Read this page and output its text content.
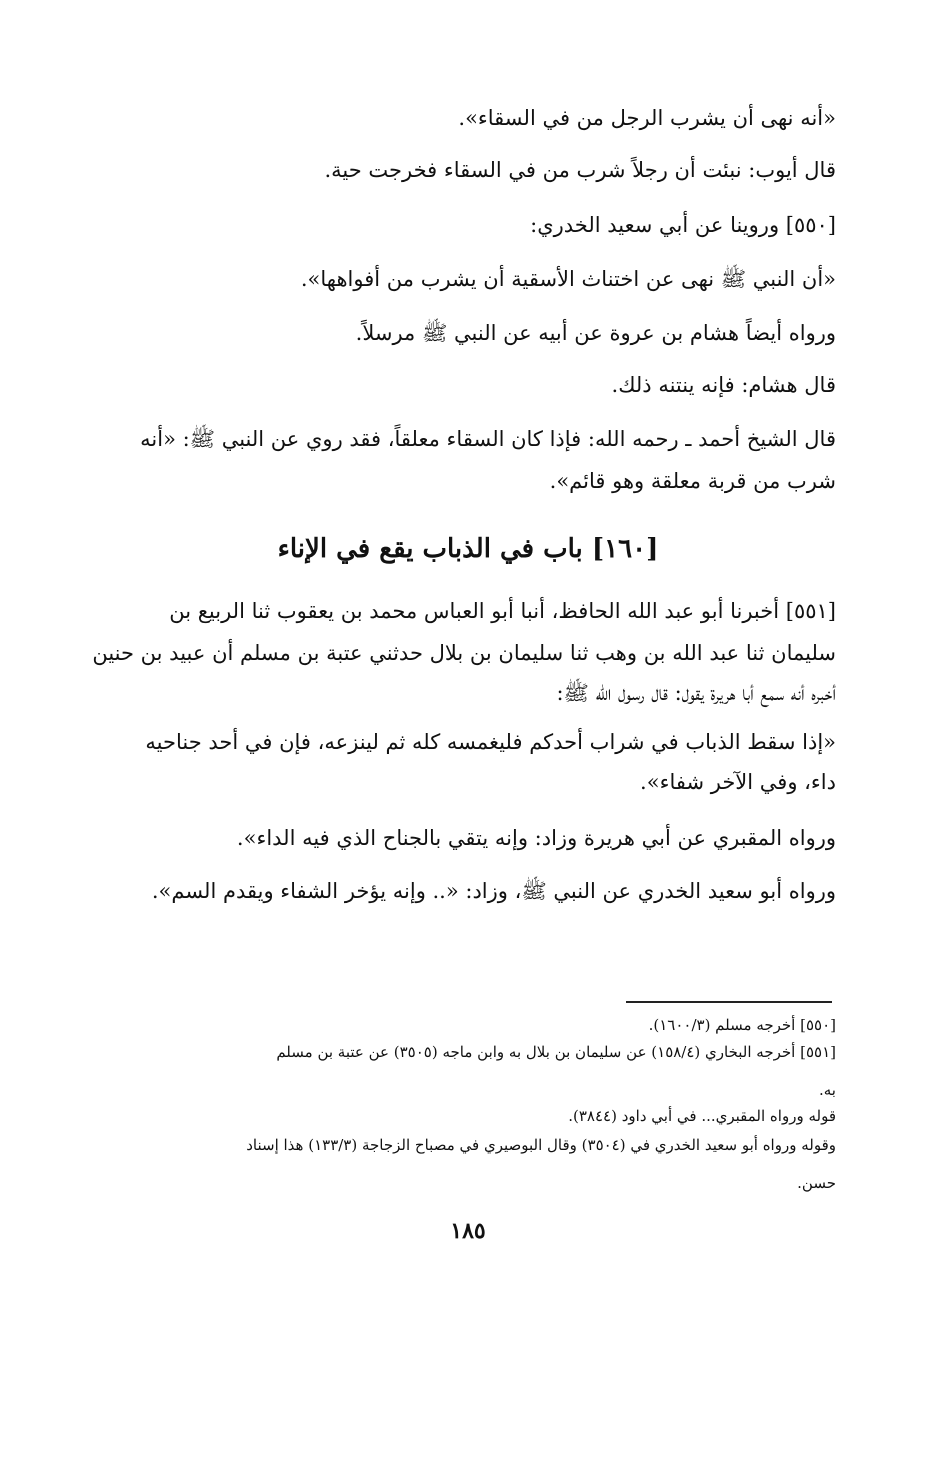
«أنه نهى أن يشرب الرجل من في السقاء».
قال أيوب: نبئت أن رجلاً شرب من في السقاء فخرجت حية.
[٥٥٠] وروينا عن أبي سعيد الخدري:
«أن النبي ﷺ نهى عن اختناث الأسقية أن يشرب من أفواهها».
ورواه أيضاً هشام بن عروة عن أبيه عن النبي ﷺ مرسلاً.
قال هشام: فإنه ينتنه ذلك.
قال الشيخ أحمد ـ رحمه الله: فإذا كان السقاء معلقاً، فقد روي عن النبي ﷺ: «أنه
شرب من قربة معلقة وهو قائم».
[١٦٠] باب في الذباب يقع في الإناء
[٥٥١] أخبرنا أبو عبد الله الحافظ، أنبا أبو العباس محمد بن يعقوب ثنا الربيع بن
سليمان ثنا عبد الله بن وهب ثنا سليمان بن بلال حدثني عتبة بن مسلم أن عبيد بن حنين
أخبره أنه سمع أبا هريرة يقول: قال رسول الله ﷺ:
«إذا سقط الذباب في شراب أحدكم فليغمسه كله ثم لينزعه، فإن في أحد جناحيه
داء، وفي الآخر شفاء».
ورواه المقبري عن أبي هريرة وزاد: وإنه يتقي بالجناح الذي فيه الداء».
ورواه أبو سعيد الخدري عن النبي ﷺ، وزاد: «.. وإنه يؤخر الشفاء ويقدم السم».
[٥٥٠] أخرجه مسلم (١٦٠٠/٣).
[٥٥١] أخرجه البخاري (١٥٨/٤) عن سليمان بن بلال به وابن ماجه (٣٥٠٥) عن عتبة بن مسلم
به.
قوله ورواه المقبري... في أبي داود (٣٨٤٤).
وقوله ورواه أبو سعيد الخدري في (٣٥٠٤) وقال البوصيري في مصباح الزجاجة (١٣٣/٣) هذا إسناد
حسن.
١٨٥
